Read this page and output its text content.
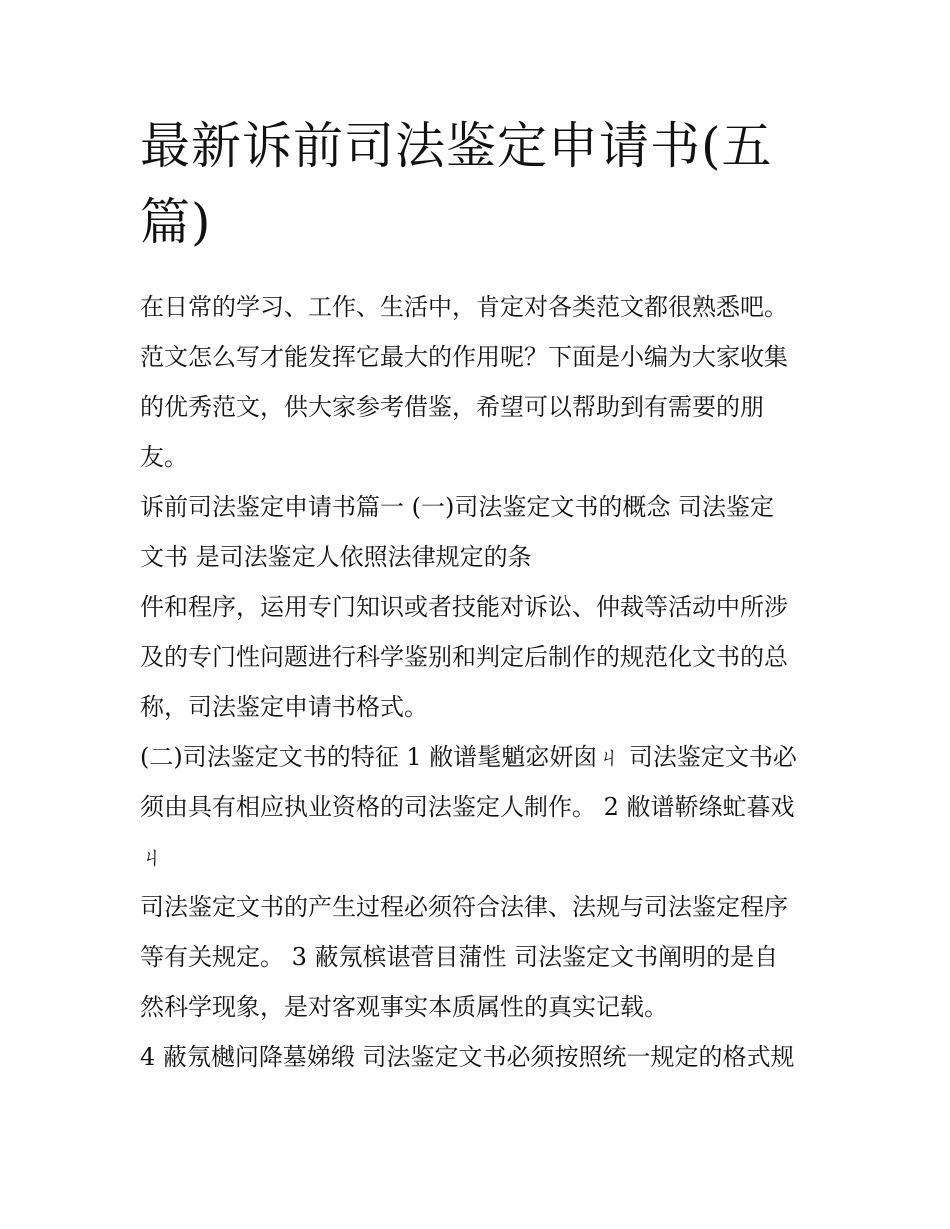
最新诉前司法鉴定申请书(五篇)

在日常的学习、工作、生活中，肯定对各类范文都很熟悉吧。

范文怎么写才能发挥它最大的作用呢？下面是小编为大家收集

的优秀范文，供大家参考借鉴，希望可以帮助到有需要的朋

友。

诉前司法鉴定申请书篇一 (一)司法鉴定文书的概念 司法鉴定

文书 是司法鉴定人依照法律规定的条

件和程序，运用专门知识或者技能对诉讼、仲裁等活动中所涉

及的专门性问题进行科学鉴别和判定后制作的规范化文书的总

称，司法鉴定申请书格式。

(二)司法鉴定文书的特征 1 敝谱髦魈宓妍囱ㄐ 司法鉴定文书必

须由具有相应执业资格的司法鉴定人制作。 2 敝谱鞒绦虻暮戏

ㄐ

司法鉴定文书的产生过程必须符合法律、法规与司法鉴定程序

等有关规定。 3 蔽氖槟谌菅目蒲性 司法鉴定文书阐明的是自

然科学现象，是对客观事实本质属性的真实记载。

4 蔽氖樾问降墓娣缎 司法鉴定文书必须按照统一规定的格式规
